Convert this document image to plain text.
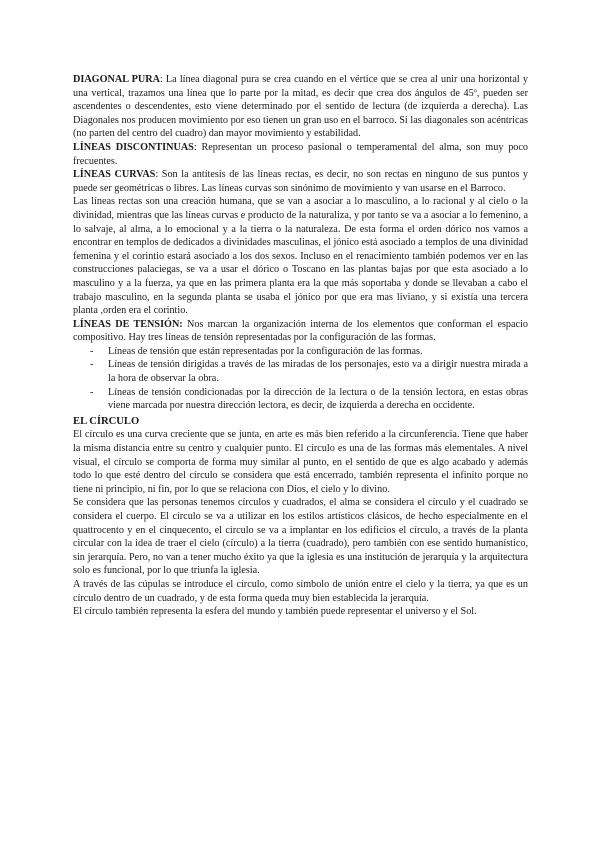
DIAGONAL PURA: La línea diagonal pura se crea cuando en el vértice que se crea al unir una horizontal y una vertical, trazamos una línea que lo parte por la mitad, es decir que crea dos ángulos de 45º, pueden ser ascendentes o descendentes, esto viene determinado por el sentido de lectura (de izquierda a derecha). Las Diagonales nos producen movimiento por eso tienen un gran uso en el barroco. Si las diagonales son acéntricas (no parten del centro del cuadro) dan mayor movimiento y estabilidad.

LÍNEAS DISCONTINUAS: Representan un proceso pasional o temperamental del alma, son muy poco frecuentes.

LÍNEAS CURVAS: Son la antítesis de las líneas rectas, es decir, no son rectas en ninguno de sus puntos y puede ser geométricas o libres. Las líneas curvas son sinónimo de movimiento y van usarse en el Barroco.

Las líneas rectas son una creación humana, que se van a asociar a lo masculino, a lo racional y al cielo o la divinidad, mientras que las líneas curvas e producto de la naturaliza, y por tanto se va a asociar a lo femenino, a lo salvaje, al alma, a lo emocional y a la tierra o la naturaleza. De esta forma el orden dórico nos vamos a encontrar en templos de dedicados a divinidades masculinas, el jónico está asociado a templos de una divinidad femenina y el corintio estará asociado a los dos sexos. Incluso en el renacimiento también podemos ver en las construcciones palaciegas, se va a usar el dórico o Toscano en las plantas bajas por que esta asociado a lo masculino y a la fuerza, ya que en las primera planta era la que más soportaba y donde se llevaban a cabo el trabajo masculino, en la segunda planta se usaba el jónico por que era mas liviano, y si existía una tercera planta ,orden era el corintio.

LÍNEAS DE TENSIÓN: Nos marcan la organización interna de los elementos que conforman el espacio compositivo. Hay tres líneas de tensión representadas por la configuración de las formas.

- Líneas de tensión que están representadas por la configuración de las formas.
- Líneas de tensión dirigidas a través de las miradas de los personajes, esto va a dirigir nuestra mirada a la hora de observar la obra.
- Líneas de tensión condicionadas por la dirección de la lectura o de la tensión lectora, en estas obras viene marcada por nuestra dirección lectora, es decir, de izquierda a derecha en occidente.

EL CÍRCULO

El círculo es una curva creciente que se junta, en arte es más bien referido a la circunferencia. Tiene que haber la misma distancia entre su centro y cualquier punto. El círculo es una de las formas más elementales. A nivel visual, el círculo se comporta de forma muy similar al punto, en el sentido de que es algo acabado y además todo lo que esté dentro del círculo se considera que está encerrado, también representa el infinito porque no tiene ni principio, ni fin, por lo que se relaciona con Dios, el cielo y lo divino.

Se considera que las personas tenemos círculos y cuadrados, el alma se considera el círculo y el cuadrado se considera el cuerpo. El círculo se va a utilizar en los estilos artísticos clásicos, de hecho especialmente en el quattrocento y en el cinquecento, el círculo se va a implantar en los edificios el círculo, a través de la planta circular con la idea de traer el cielo (círculo) a la tierra (cuadrado), pero también con ese sentido humanístico, sin jerarquía. Pero, no van a tener mucho éxito ya que la iglesia es una institución de jerarquía y la arquitectura solo es funcional, por lo que triunfa la iglesia.

A través de las cúpulas se introduce el círculo, como símbolo de unión entre el cielo y la tierra, ya que es un círculo dentro de un cuadrado, y de esta forma queda muy bien establecida la jerarquía.

El círculo también representa la esfera del mundo y también puede representar el universo y el Sol.
